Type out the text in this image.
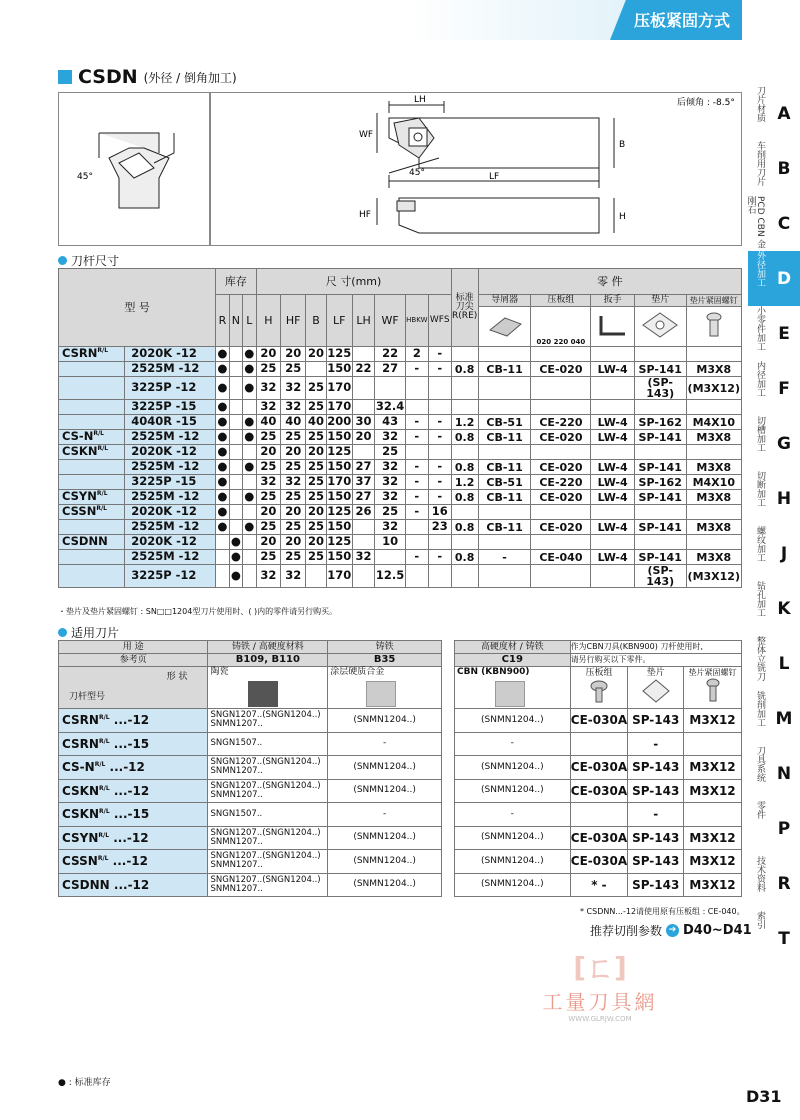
压板紧固方式
CSDN (外径 / 倒角加工)
45°
LH
WF
B
45°	LF
HF	H
后倾角 : -8.5°
刀杆尺寸
型 号		库存			尺 寸(mm)								标准刀尖R(RE)	零 件				
		R	N	L	H	HF	B	LF	LH	WF	HBKW	WFS		导屑器	压板组	扳手	垫片	垫片紧固螺钉
	020 220 040			
$CSRN^{R/L}$	2020K -12	●		●	20	20	20	125		22	2	-						
	2525M -12	●		●	25	25		150	22	27	-	-	0.8	CB-11	CE-020	LW-4	SP-141	M3X8
	3225P -12	●		●	32	32	25	170									(SP-143)	(M3X12)
	3225P -15	●			32	32	25	170		32.4								
	4040R -15	●		●	40	40	40	200	30	43	-	-	1.2	CB-51	CE-220	LW-4	SP-162	M4X10
$CS-N^{R/L}$	2525M -12	●		●	25	25	25	150	20	32	-	-	0.8	CB-11	CE-020	LW-4	SP-141	M3X8
$CSKN^{R/L}$	2020K -12	●			20	20	20	125		25								
	2525M -12	●		●	25	25	25	150	27	32	-	-	0.8	CB-11	CE-020	LW-4	SP-141	M3X8
	3225P -15	●			32	32	25	170	37	32	-	-	1.2	CB-51	CE-220	LW-4	SP-162	M4X10
$CSYN^{R/L}$	2525M -12	●		●	25	25	25	150	27	32	-	-	0.8	CB-11	CE-020	LW-4	SP-141	M3X8
$CSSN^{R/L}$	2020K -12	●			20	20	20	125	26	25	-	16						
	2525M -12	●		●	25	25	25	150		32		23	0.8	CB-11	CE-020	LW-4	SP-141	M3X8
CSDNN	2020K -12		●		20	20	20	125		10								
	2525M -12		●		25	25	25	150	32		-	-	0.8	-	CE-040	LW-4	SP-141	M3X8
	3225P -12		●		32	32		170		12.5							(SP-143)	(M3X12)
・垫片及垫片紧固螺钉 : SN□□1204型刀片使用时、( )内的零件请另行购买。
适用刀片
用 途	铸铁 / 高硬度材料	铸铁
参考页	B109, B110	B35

形 状
刀杆型号	陶瓷	涂层硬质合金

$CSRN^{R/L}$ ...-12	SNGN1207..(SNGN1204..) SNMN1207..	(SNMN1204..)
$CSRN^{R/L}$ ...-15	SNGN1507..	-
$CS-N^{R/L}$ ...-12	SNGN1207..(SNGN1204..) SNMN1207..	(SNMN1204..)
$CSKN^{R/L}$ ...-12	SNGN1207..(SNGN1204..) SNMN1207..	(SNMN1204..)
$CSKN^{R/L}$ ...-15	SNGN1507..	-
$CSYN^{R/L}$ ...-12	SNGN1207..(SNGN1204..) SNMN1207..	(SNMN1204..)
$CSSN^{R/L}$ ...-12	SNGN1207..(SNGN1204..) SNMN1207..	(SNMN1204..)
CSDNN ...-12	SNGN1207..(SNGN1204..) SNMN1207..	(SNMN1204..)
高硬度材 / 铸铁	作为CBN刀具(KBN900) 刀杆使用时,		
C19	请另行购买以下零件。		

CBN (KBN900)	压板组	垫片	垫片紧固螺钉

(SNMN1204..)	CE-030A	SP-143	M3X12
-		-	
(SNMN1204..)	CE-030A	SP-143	M3X12
(SNMN1204..)	CE-030A	SP-143	M3X12
-		-	
(SNMN1204..)	CE-030A	SP-143	M3X12
(SNMN1204..)	CE-030A	SP-143	M3X12
(SNMN1204..)	* -	SP-143	M3X12
* CSDNN...-12请使用原有压板组 : CE-040。
推荐切削参数 ➔ D40~D41
[ㄈ]
工量刀具網
WWW.GLRJW.COM
● : 标准库存
D31
刀片材质 A
车削用刀片 B
PCD CBN 金刚石
C
外径加工 D
小零件加工 E
内径加工 F
切槽加工 G
切断加工 H
螺纹加工 J
钻孔加工 K
整体立铣刀 L
铣削加工 M
刀具系统 N
零件
P
技术资料 R
索引
T
